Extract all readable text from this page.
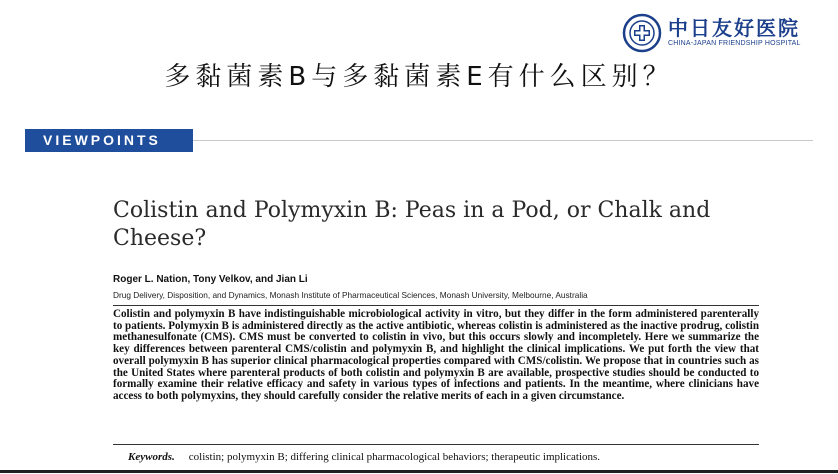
中日友好医院
CHINA-JAPAN FRIENDSHIP HOSPITAL
多黏菌素B与多黏菌素E有什么区别？
VIEWPOINTS
Colistin and Polymyxin B: Peas in a Pod, or Chalk and Cheese?
Roger L. Nation, Tony Velkov, and Jian Li
Drug Delivery, Disposition, and Dynamics, Monash Institute of Pharmaceutical Sciences, Monash University, Melbourne, Australia
Colistin and polymyxin B have indistinguishable microbiological activity in vitro, but they differ in the form administered parenterally to patients. Polymyxin B is administered directly as the active antibiotic, whereas colistin is administered as the inactive prodrug, colistin methanesulfonate (CMS). CMS must be converted to colistin in vivo, but this occurs slowly and incompletely. Here we summarize the key differences between parenteral CMS/colistin and polymyxin B, and highlight the clinical implications. We put forth the view that overall polymyxin B has superior clinical pharmacological properties compared with CMS/colistin. We propose that in countries such as the United States where parenteral products of both colistin and polymyxin B are available, prospective studies should be conducted to formally examine their relative efficacy and safety in various types of infections and patients. In the meantime, where clinicians have access to both polymyxins, they should carefully consider the relative merits of each in a given circumstance.
Keywords. colistin; polymyxin B; differing clinical pharmacological behaviors; therapeutic implications.
